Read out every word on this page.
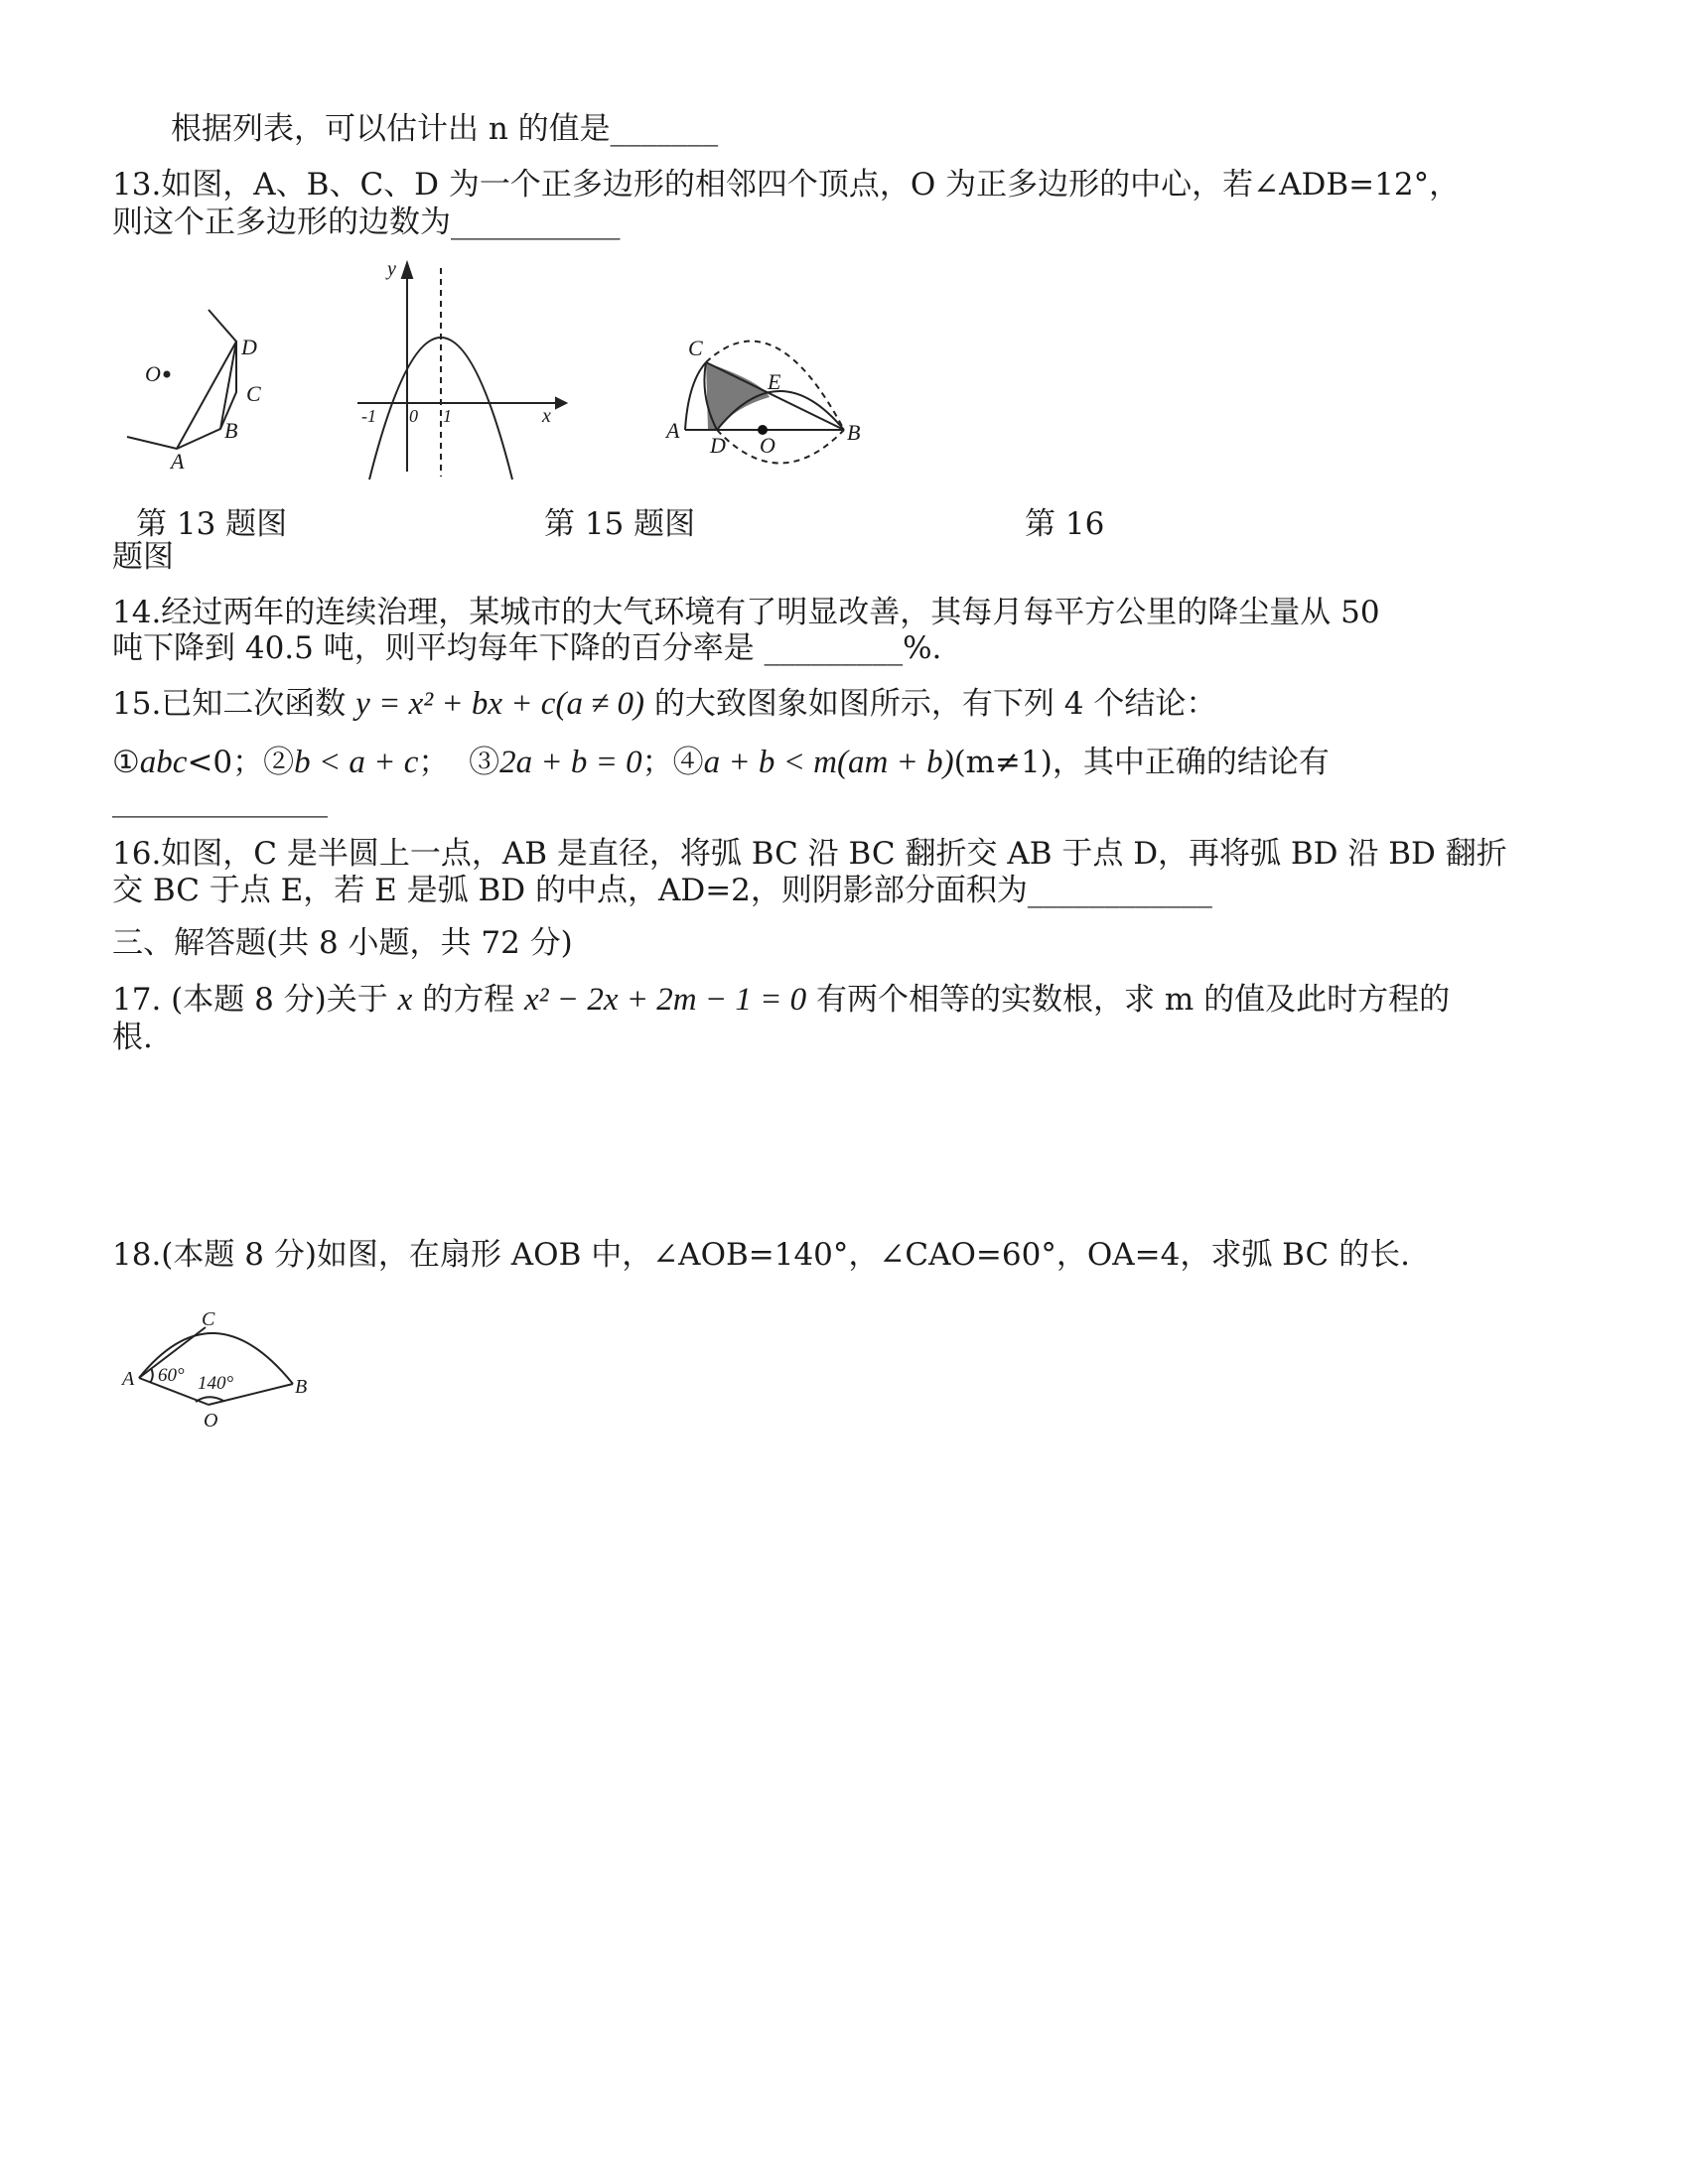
根据列表，可以估计出 n 的值是_______
13.如图，A、B、C、D 为一个正多边形的相邻四个顶点，O 为正多边形的中心，若∠ADB=12°，
则这个正多边形的边数为___________
O
D
C
B
A
y
x
-1 0 1
C
E
A
D O
B
第 13 题图	第 15 题图	第 16
题图
14.经过两年的连续治理，某城市的大气环境有了明显改善，其每月每平方公里的降尘量从 50
吨下降到 40.5 吨，则平均每年下降的百分率是 _________%.
15.已知二次函数 y = x² + bx + c(a ≠ 0) 的大致图象如图所示，有下列 4 个结论：
①abc<0；②b < a + c； ③2a + b = 0；④a + b < m(am + b)(m≠1)，其中正确的结论有
______________
16.如图，C 是半圆上一点，AB 是直径，将弧 BC 沿 BC 翻折交 AB 于点 D，再将弧 BD 沿 BD 翻折
交 BC 于点 E，若 E 是弧 BD 的中点，AD=2，则阴影部分面积为____________
三、解答题(共 8 小题，共 72 分)
17. (本题 8 分)关于 x 的方程 x² − 2x + 2m − 1 = 0 有两个相等的实数根，求 m 的值及此时方程的
根.
18.(本题 8 分)如图，在扇形 AOB 中，∠AOB=140°，∠CAO=60°，OA=4，求弧 BC 的长.
C
A	B
O
60° 140°
